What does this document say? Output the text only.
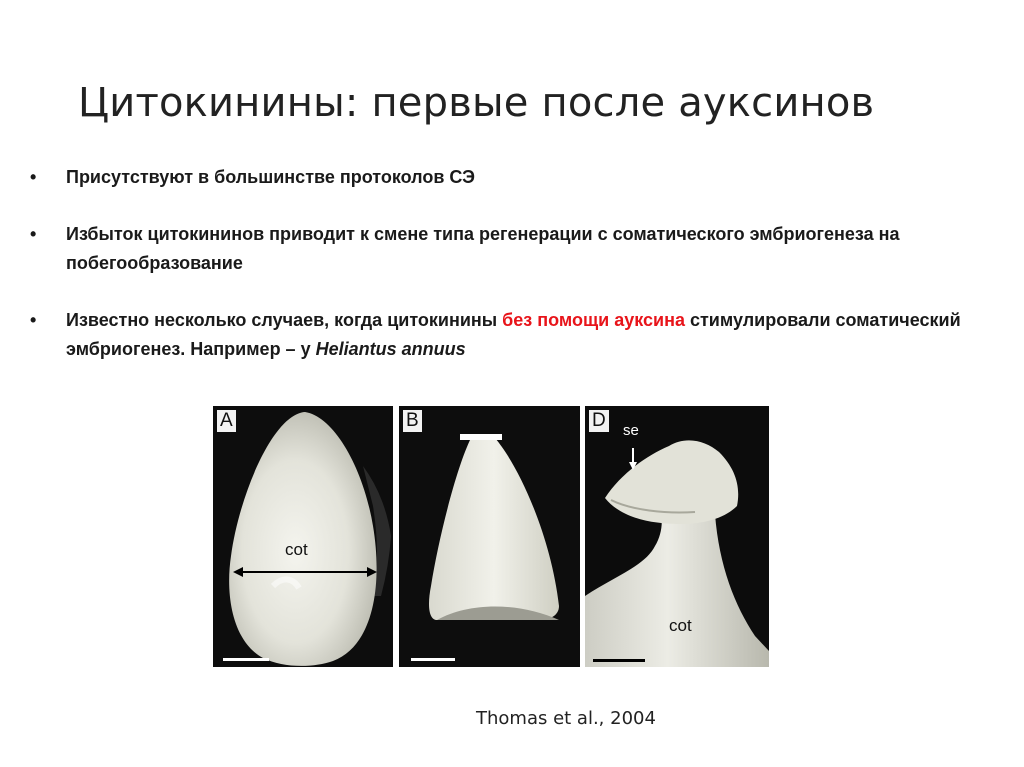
Цитокинины: первые после ауксинов
• Присутствуют в большинстве протоколов СЭ
• Избыток цитокининов приводит к смене типа регенерации с соматического эмбриогенеза на побегообразование
• Известно несколько случаев, когда цитокинины без помощи ауксина стимулировали соматический эмбриогенез. Например – у Heliantus annuus
A
cot
B	D se
cot
Thomas et al., 2004
